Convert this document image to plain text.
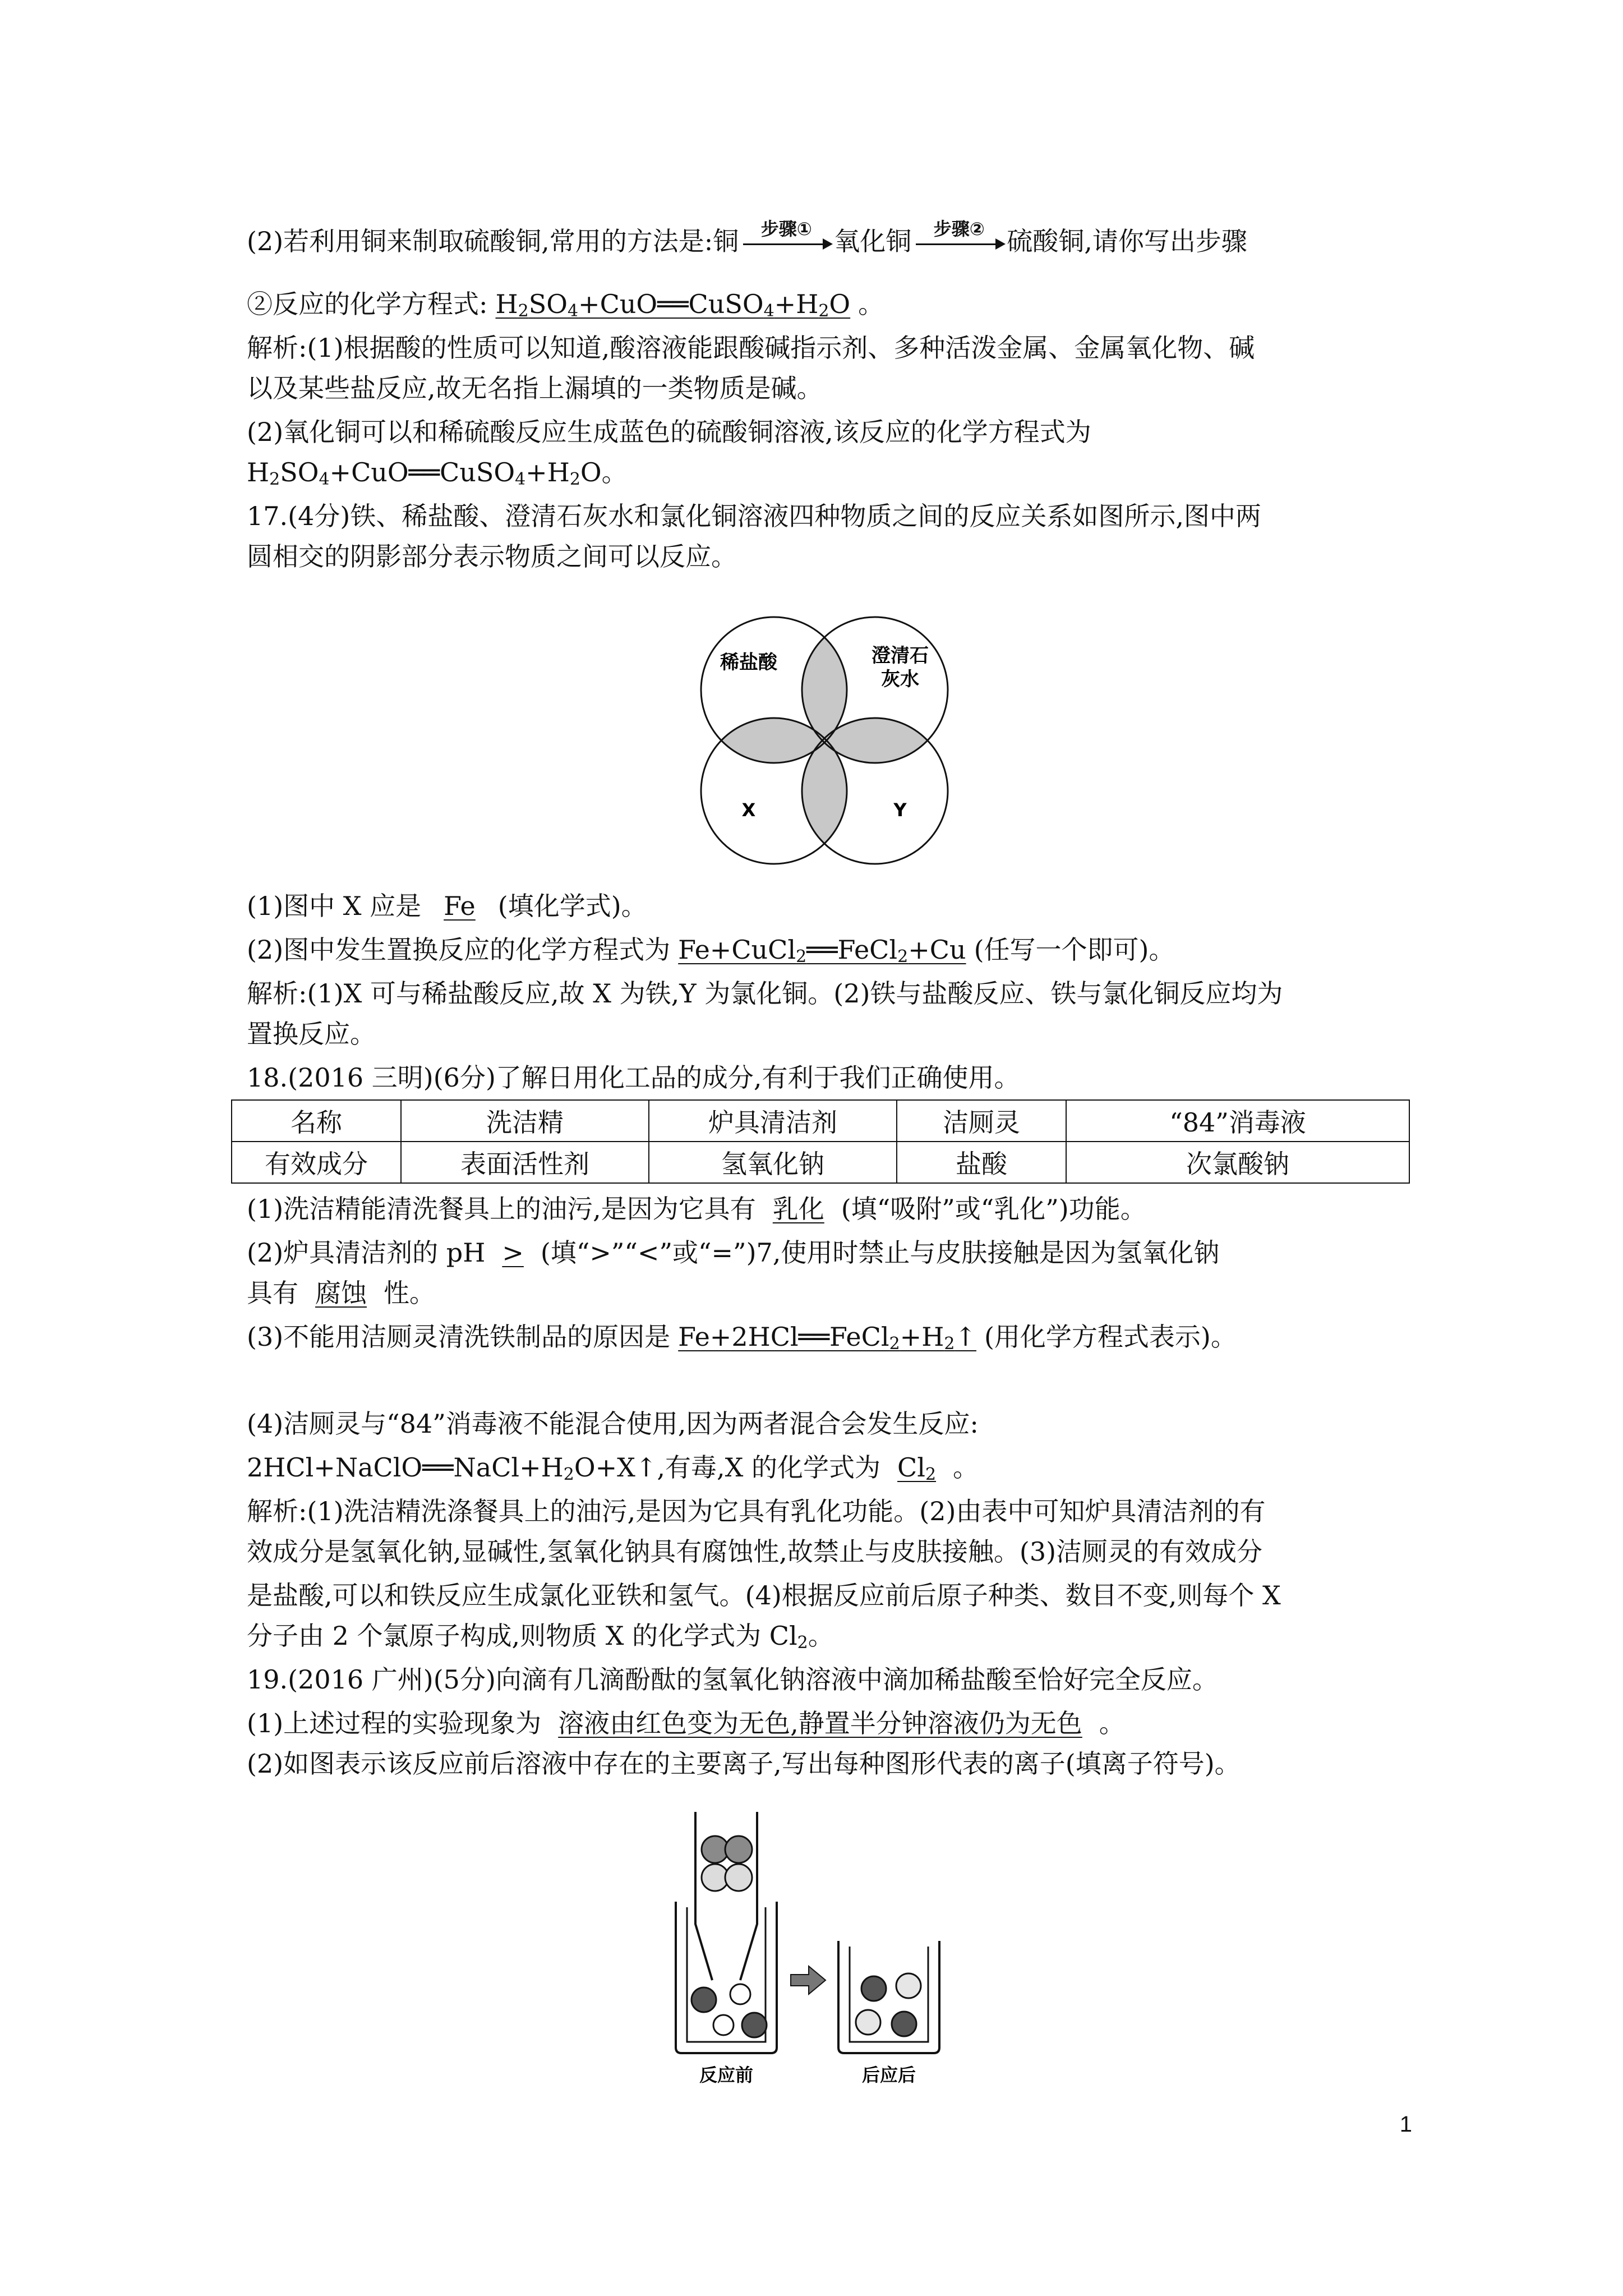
(2)若利用铜来制取硫酸铜,常用的方法是:铜	步骤① 氧化铜	步骤② 硫酸铜,请你写出步骤
②反应的化学方程式: $H_2SO_4+CuO══CuSO_4+H_2O$ 。
解析:(1)根据酸的性质可以知道,酸溶液能跟酸碱指示剂、多种活泼金属、金属氧化物、碱
以及某些盐反应,故无名指上漏填的一类物质是碱。
(2)氧化铜可以和稀硫酸反应生成蓝色的硫酸铜溶液,该反应的化学方程式为
$H_2SO_4+CuO══CuSO_4+H_2O$。
17.(4分)铁、稀盐酸、澄清石灰水和氯化铜溶液四种物质之间的反应关系如图所示,图中两
圆相交的阴影部分表示物质之间可以反应。
稀盐酸	澄清石
灰水
X	Y
(1)图中 X 应是 Fe (填化学式)。
(2)图中发生置换反应的化学方程式为 Fe+CuCl$_2$══FeCl$_2$+Cu (任写一个即可)。
解析:(1)X 可与稀盐酸反应,故 X 为铁,Y 为氯化铜。(2)铁与盐酸反应、铁与氯化铜反应均为
置换反应。
18.(2016 三明)(6分)了解日用化工品的成分,有利于我们正确使用。
名称	洗洁精	炉具清洁剂	洁厕灵	“84”消毒液
有效成分	表面活性剂	氢氧化钠	盐酸	次氯酸钠
(1)洗洁精能清洗餐具上的油污,是因为它具有 乳化 (填“吸附”或“乳化”)功能。
(2)炉具清洁剂的 pH > (填“>”“<”或“=”)7,使用时禁止与皮肤接触是因为氢氧化钠
具有 腐蚀 性。
(3)不能用洁厕灵清洗铁制品的原因是 $Fe+2HCl══FeCl_2+H_2↑$ (用化学方程式表示)。
(4)洁厕灵与“84”消毒液不能混合使用,因为两者混合会发生反应:
$2HCl+NaClO══NaCl+H_2O+X↑$,有毒,X 的化学式为 $Cl_2$ 。
解析:(1)洗洁精洗涤餐具上的油污,是因为它具有乳化功能。(2)由表中可知炉具清洁剂的有
效成分是氢氧化钠,显碱性,氢氧化钠具有腐蚀性,故禁止与皮肤接触。(3)洁厕灵的有效成分
是盐酸,可以和铁反应生成氯化亚铁和氢气。(4)根据反应前后原子种类、数目不变,则每个 X
分子由 2 个氯原子构成,则物质 X 的化学式为 $Cl_2$。
19.(2016 广州)(5分)向滴有几滴酚酞的氢氧化钠溶液中滴加稀盐酸至恰好完全反应。
(1)上述过程的实验现象为 溶液由红色变为无色,静置半分钟溶液仍为无色 。
(2)如图表示该反应前后溶液中存在的主要离子,写出每种图形代表的离子(填离子符号)。
反应前	后应后
1
